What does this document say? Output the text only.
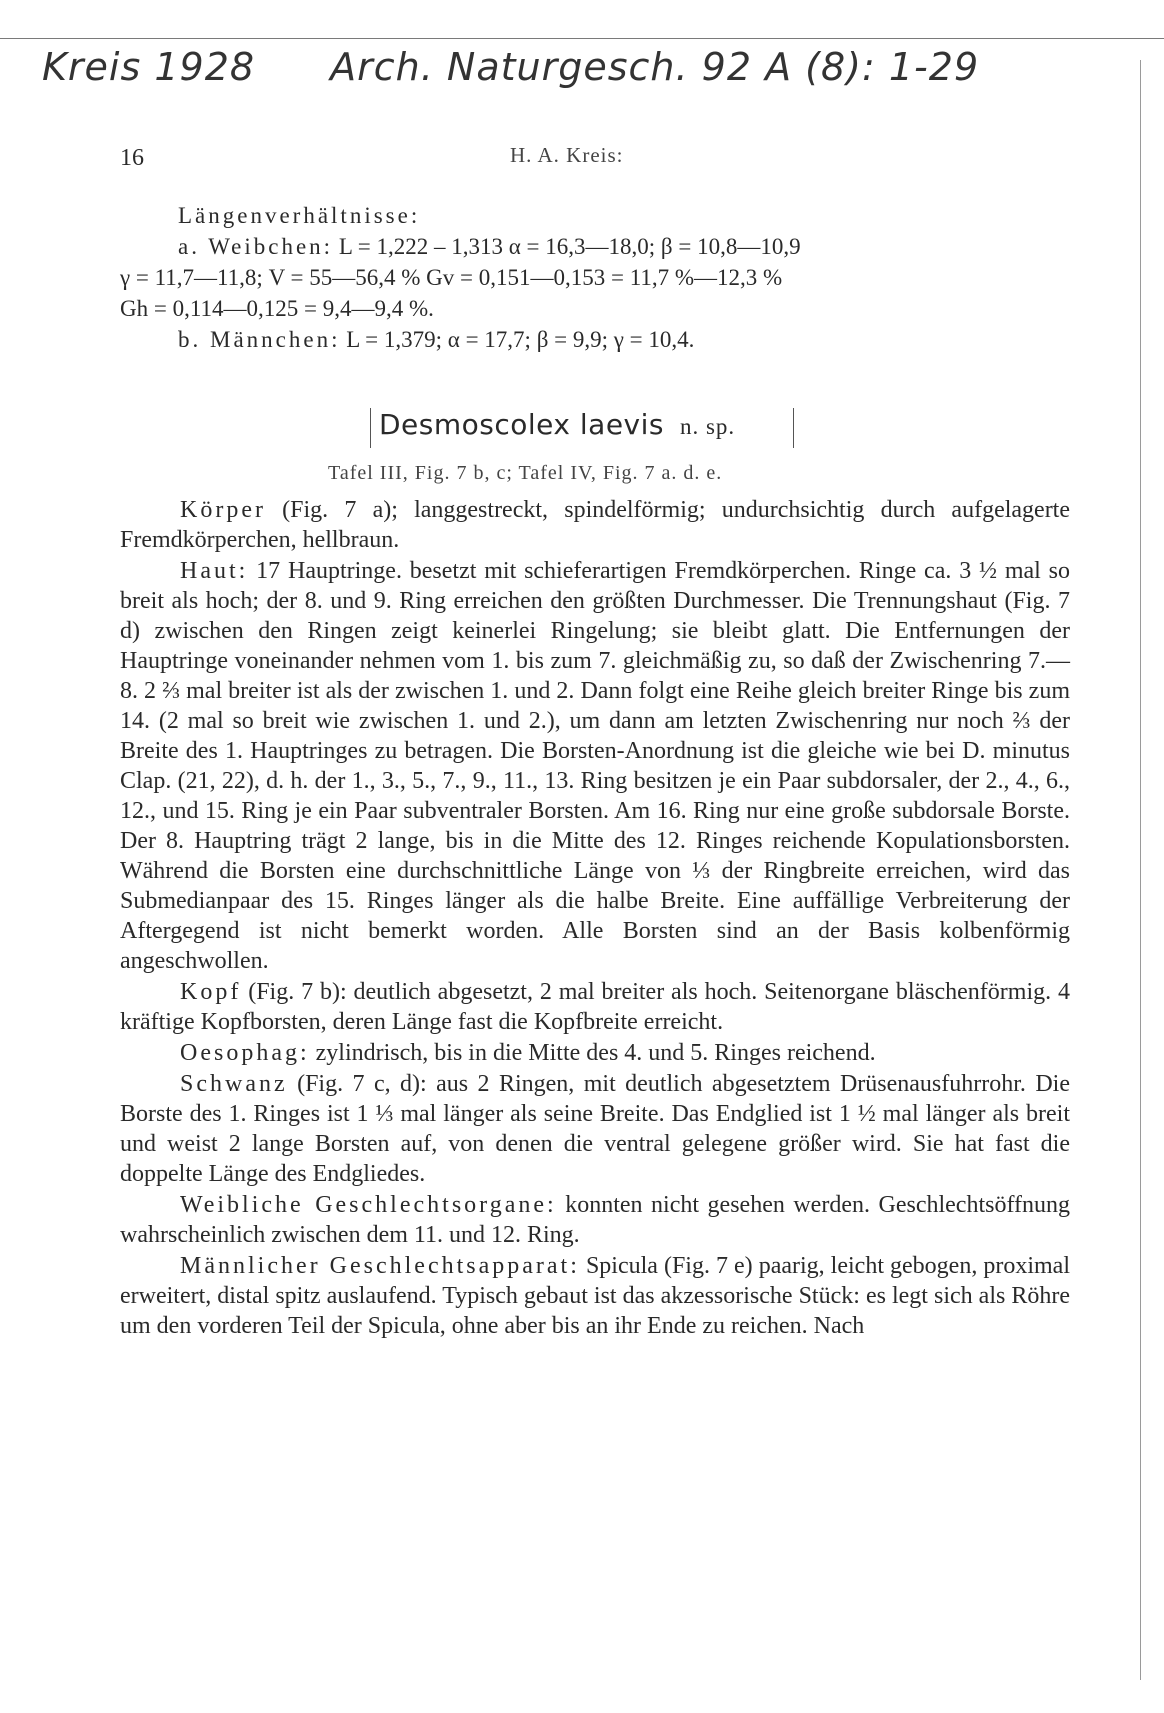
Kreis 1928 Arch. Naturgesch. 92 A (8): 1-29
16	H. A. Kreis:
Längenverhältnisse:
a. Weibchen: L = 1,222 – 1,313 α = 16,3—18,0; β = 10,8—10,9
γ = 11,7—11,8; V = 55—56,4 % Gv = 0,151—0,153 = 11,7 %—12,3 %
Gh = 0,114—0,125 = 9,4—9,4 %.
b. Männchen: L = 1,379; α = 17,7; β = 9,9; γ = 10,4.
Desmoscolex laevis n. sp.
Tafel III, Fig. 7 b, c; Tafel IV, Fig. 7 a. d. e.

Körper (Fig. 7 a); langgestreckt, spindelförmig; undurchsichtig durch aufgelagerte Fremdkörperchen, hellbraun.

Haut: 17 Hauptringe. besetzt mit schieferartigen Fremdkörperchen. Ringe ca. 3 ½ mal so breit als hoch; der 8. und 9. Ring erreichen den größten Durchmesser. Die Trennungshaut (Fig. 7 d) zwischen den Ringen zeigt keinerlei Ringelung; sie bleibt glatt. Die Entfernungen der Hauptringe voneinander nehmen vom 1. bis zum 7. gleichmäßig zu, so daß der Zwischenring 7.—8. 2 ⅔ mal breiter ist als der zwischen 1. und 2. Dann folgt eine Reihe gleich breiter Ringe bis zum 14. (2 mal so breit wie zwischen 1. und 2.), um dann am letzten Zwischenring nur noch ⅔ der Breite des 1. Hauptringes zu betragen. Die Borsten-Anordnung ist die gleiche wie bei D. minutus Clap. (21, 22), d. h. der 1., 3., 5., 7., 9., 11., 13. Ring besitzen je ein Paar subdorsaler, der 2., 4., 6., 12., und 15. Ring je ein Paar subventraler Borsten. Am 16. Ring nur eine große subdorsale Borste. Der 8. Hauptring trägt 2 lange, bis in die Mitte des 12. Ringes reichende Kopulationsborsten. Während die Borsten eine durchschnittliche Länge von ⅓ der Ringbreite erreichen, wird das Submedianpaar des 15. Ringes länger als die halbe Breite. Eine auffällige Verbreiterung der Aftergegend ist nicht bemerkt worden. Alle Borsten sind an der Basis kolbenförmig angeschwollen.

Kopf (Fig. 7 b): deutlich abgesetzt, 2 mal breiter als hoch. Seitenorgane bläschenförmig. 4 kräftige Kopfborsten, deren Länge fast die Kopfbreite erreicht.

Oesophag: zylindrisch, bis in die Mitte des 4. und 5. Ringes reichend.

Schwanz (Fig. 7 c, d): aus 2 Ringen, mit deutlich abgesetztem Drüsenausfuhrrohr. Die Borste des 1. Ringes ist 1 ⅓ mal länger als seine Breite. Das Endglied ist 1 ½ mal länger als breit und weist 2 lange Borsten auf, von denen die ventral gelegene größer wird. Sie hat fast die doppelte Länge des Endgliedes.

Weibliche Geschlechtsorgane: konnten nicht gesehen werden. Geschlechtsöffnung wahrscheinlich zwischen dem 11. und 12. Ring.

Männlicher Geschlechtsapparat: Spicula (Fig. 7 e) paarig, leicht gebogen, proximal erweitert, distal spitz auslaufend. Typisch gebaut ist das akzessorische Stück: es legt sich als Röhre um den vorderen Teil der Spicula, ohne aber bis an ihr Ende zu reichen. Nach
